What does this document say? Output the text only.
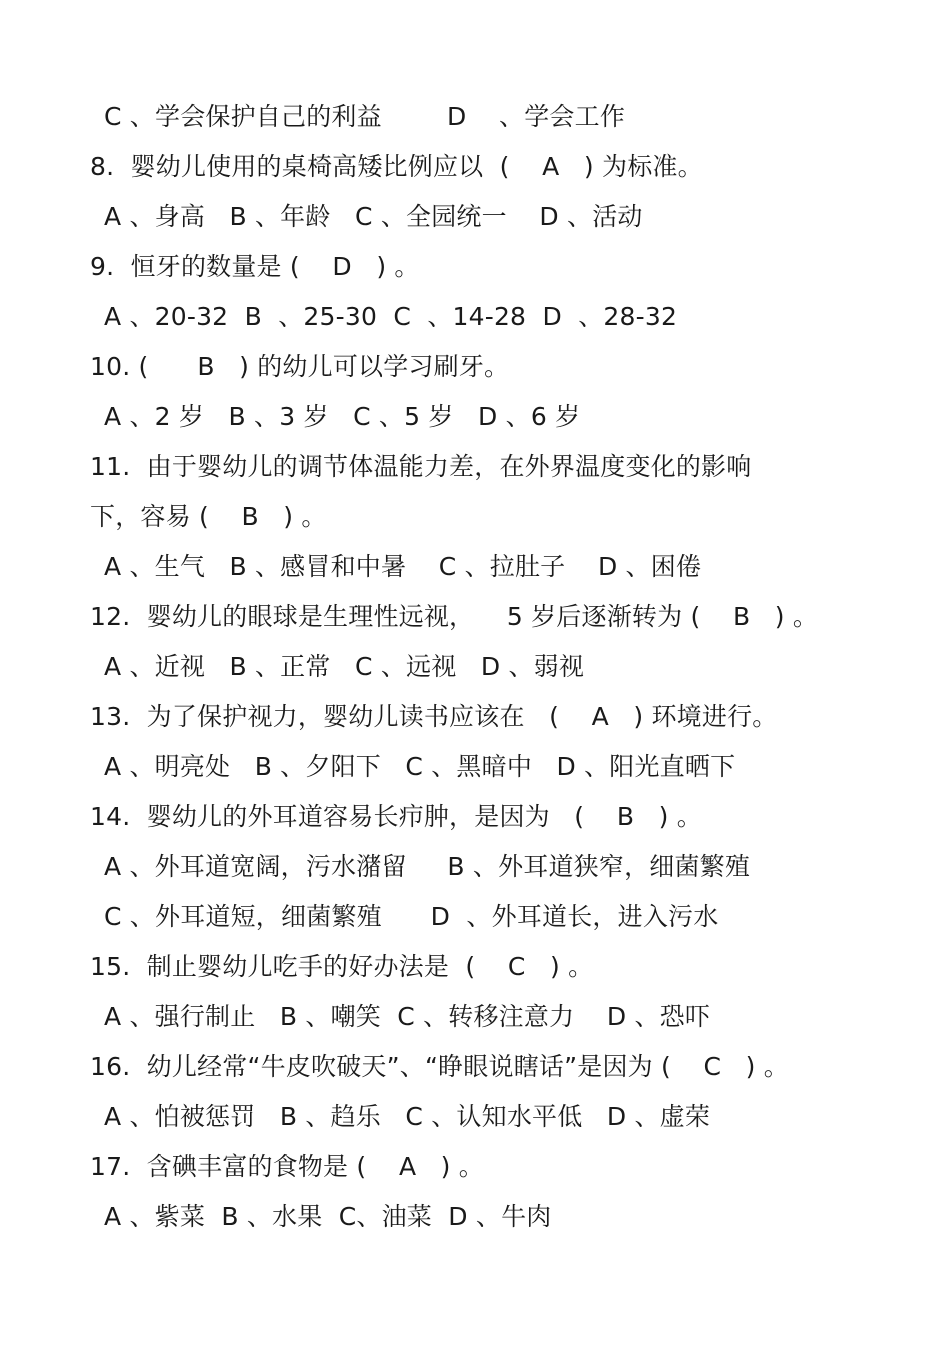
C 、学会保护自己的利益        D    、学会工作
8.  婴幼儿使用的桌椅高矮比例应以  (    A   ) 为标准。
A 、身高   B 、年龄   C 、全园统一    D 、活动
9.  恒牙的数量是 (    D   ) 。
A 、20-32  B  、25-30  C  、14-28  D  、28-32
10. (      B   ) 的幼儿可以学习刷牙。
A 、2 岁   B 、3 岁   C 、5 岁   D 、6 岁
11.  由于婴幼儿的调节体温能力差，在外界温度变化的影响
下，容易 (    B   ) 。
A 、生气   B 、感冒和中暑    C 、拉肚子    D 、困倦
12.  婴幼儿的眼球是生理性远视，    5 岁后逐渐转为 (    B   ) 。
A 、近视   B 、正常   C 、远视   D 、弱视
13.  为了保护视力，婴幼儿读书应该在   (    A   ) 环境进行。
A 、明亮处   B 、夕阳下   C 、黑暗中   D 、阳光直晒下
14.  婴幼儿的外耳道容易长疖肿，是因为   (    B   ) 。
A 、外耳道宽阔，污水潴留     B 、外耳道狭窄，细菌繁殖
C 、外耳道短，细菌繁殖      D  、外耳道长，进入污水
15.  制止婴幼儿吃手的好办法是  (    C   ) 。
A 、强行制止   B 、嘲笑  C 、转移注意力    D 、恐吓
16.  幼儿经常“牛皮吹破天”、“睁眼说瞎话”是因为 (    C   ) 。
A 、怕被惩罚   B 、趋乐   C 、认知水平低   D 、虚荣
17.  含碘丰富的食物是 (    A   ) 。
A 、紫菜  B 、水果  C、油菜  D 、牛肉
